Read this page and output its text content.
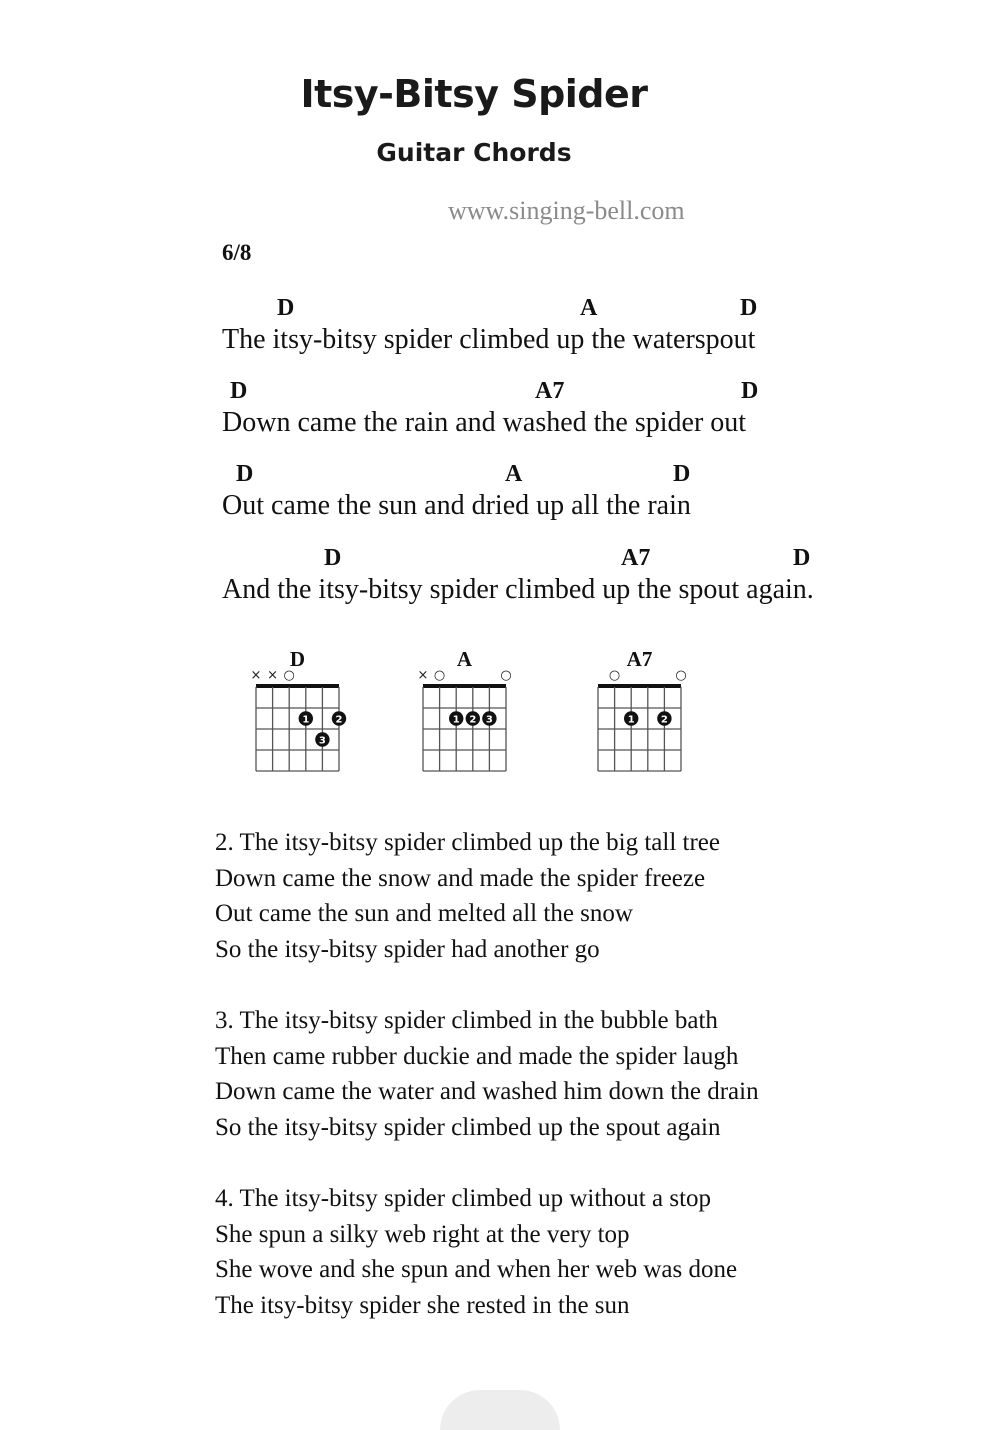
Itsy-Bitsy Spider
Guitar Chords
www.singing-bell.com
6/8
D	A	D
The itsy-bitsy spider climbed up the waterspout
D	A7	D
Down came the rain and washed the spider out
D	A	D
Out came the sun and dried up all the rain
D	A7	D
And the itsy-bitsy spider climbed up the spout again.
D
× × ○
1	2
3
A
× ○	○
1 2 3
A7
○	○
1	2
2. The itsy-bitsy spider climbed up the big tall tree
Down came the snow and made the spider freeze
Out came the sun and melted all the snow
So the itsy-bitsy spider had another go
3. The itsy-bitsy spider climbed in the bubble bath
Then came rubber duckie and made the spider laugh
Down came the water and washed him down the drain
So the itsy-bitsy spider climbed up the spout again
4. The itsy-bitsy spider climbed up without a stop
She spun a silky web right at the very top
She wove and she spun and when her web was done
The itsy-bitsy spider she rested in the sun
